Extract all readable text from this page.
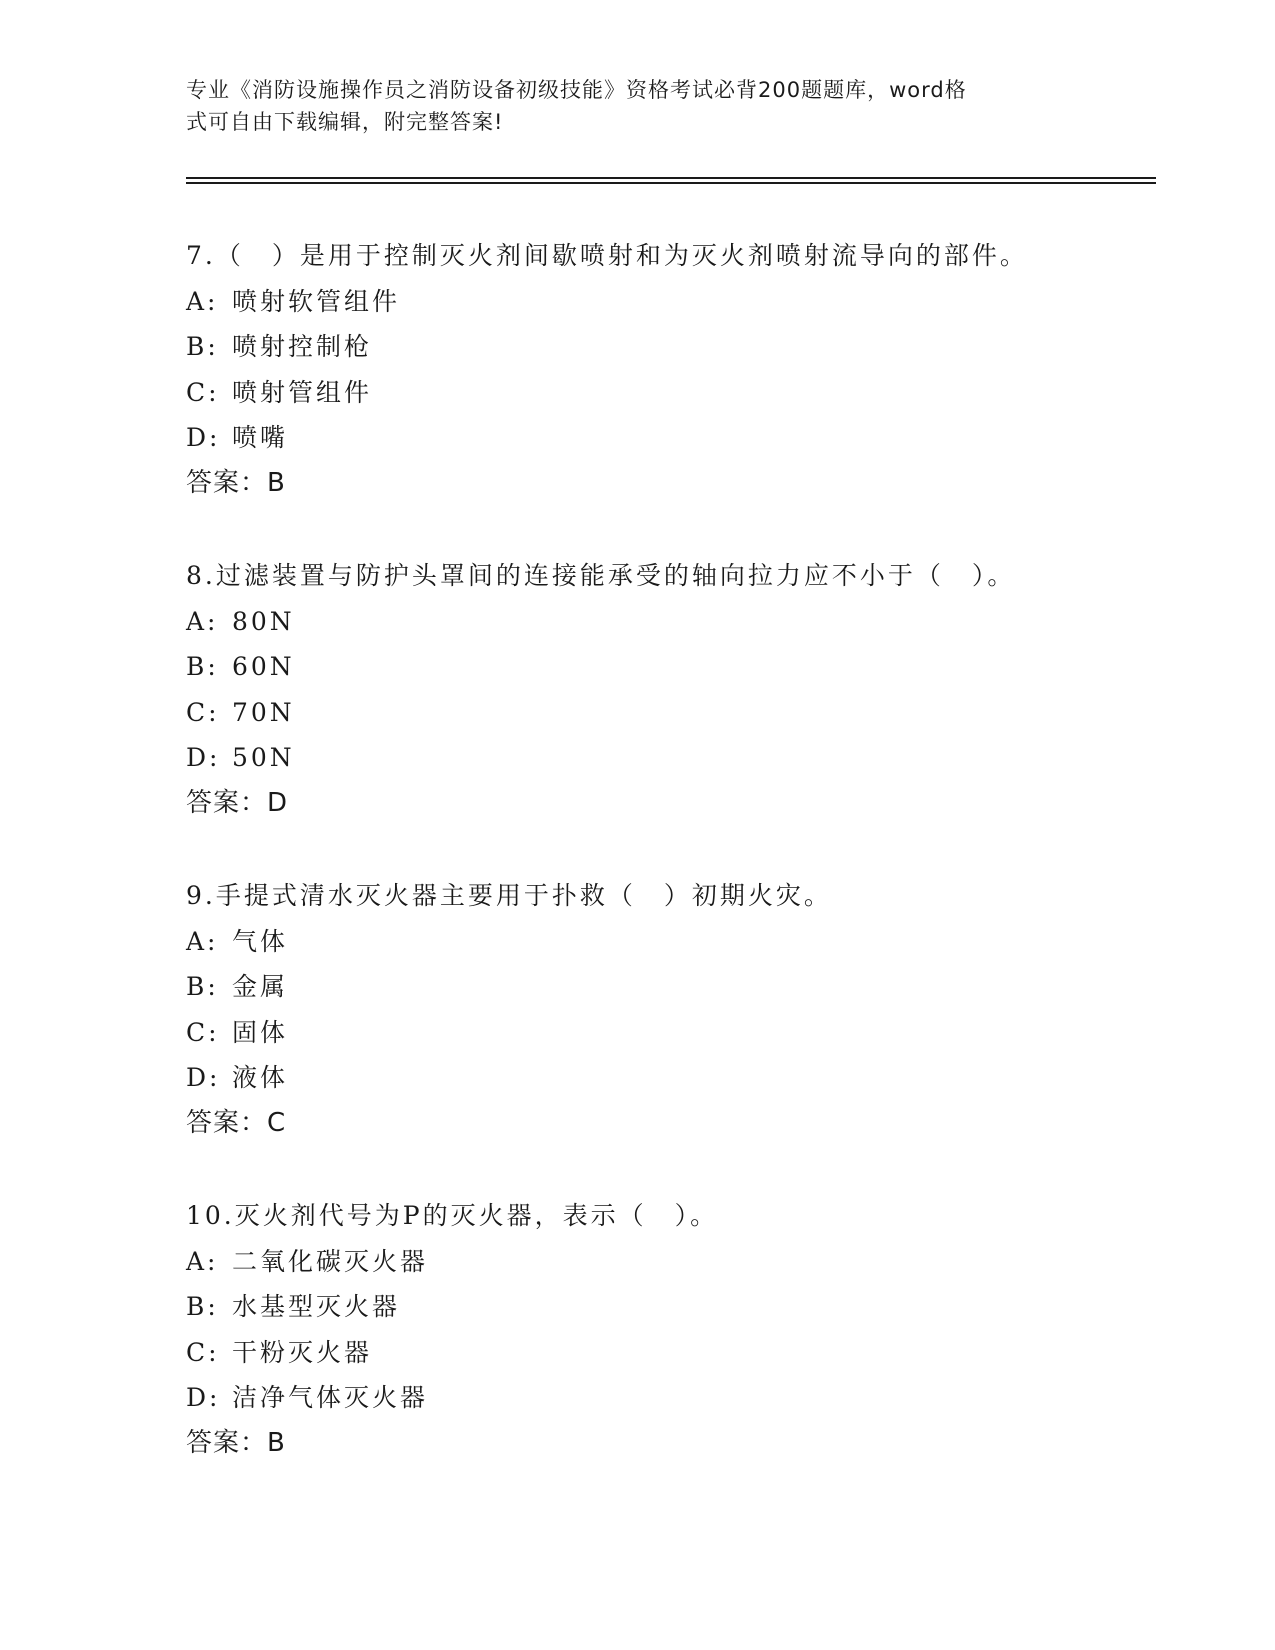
专业《消防设施操作员之消防设备初级技能》资格考试必背200题题库，word格
式可自由下载编辑，附完整答案!
7.（　）是用于控制灭火剂间歇喷射和为灭火剂喷射流导向的部件。
A: 喷射软管组件
B: 喷射控制枪
C: 喷射管组件
D: 喷嘴
答案：B
8.过滤装置与防护头罩间的连接能承受的轴向拉力应不小于（　）。
A: 80N
B: 60N
C: 70N
D: 50N
答案：D
9.手提式清水灭火器主要用于扑救（　）初期火灾。
A: 气体
B: 金属
C: 固体
D: 液体
答案：C
10.灭火剂代号为P的灭火器，表示（　）。
A: 二氧化碳灭火器
B: 水基型灭火器
C: 干粉灭火器
D: 洁净气体灭火器
答案：B
